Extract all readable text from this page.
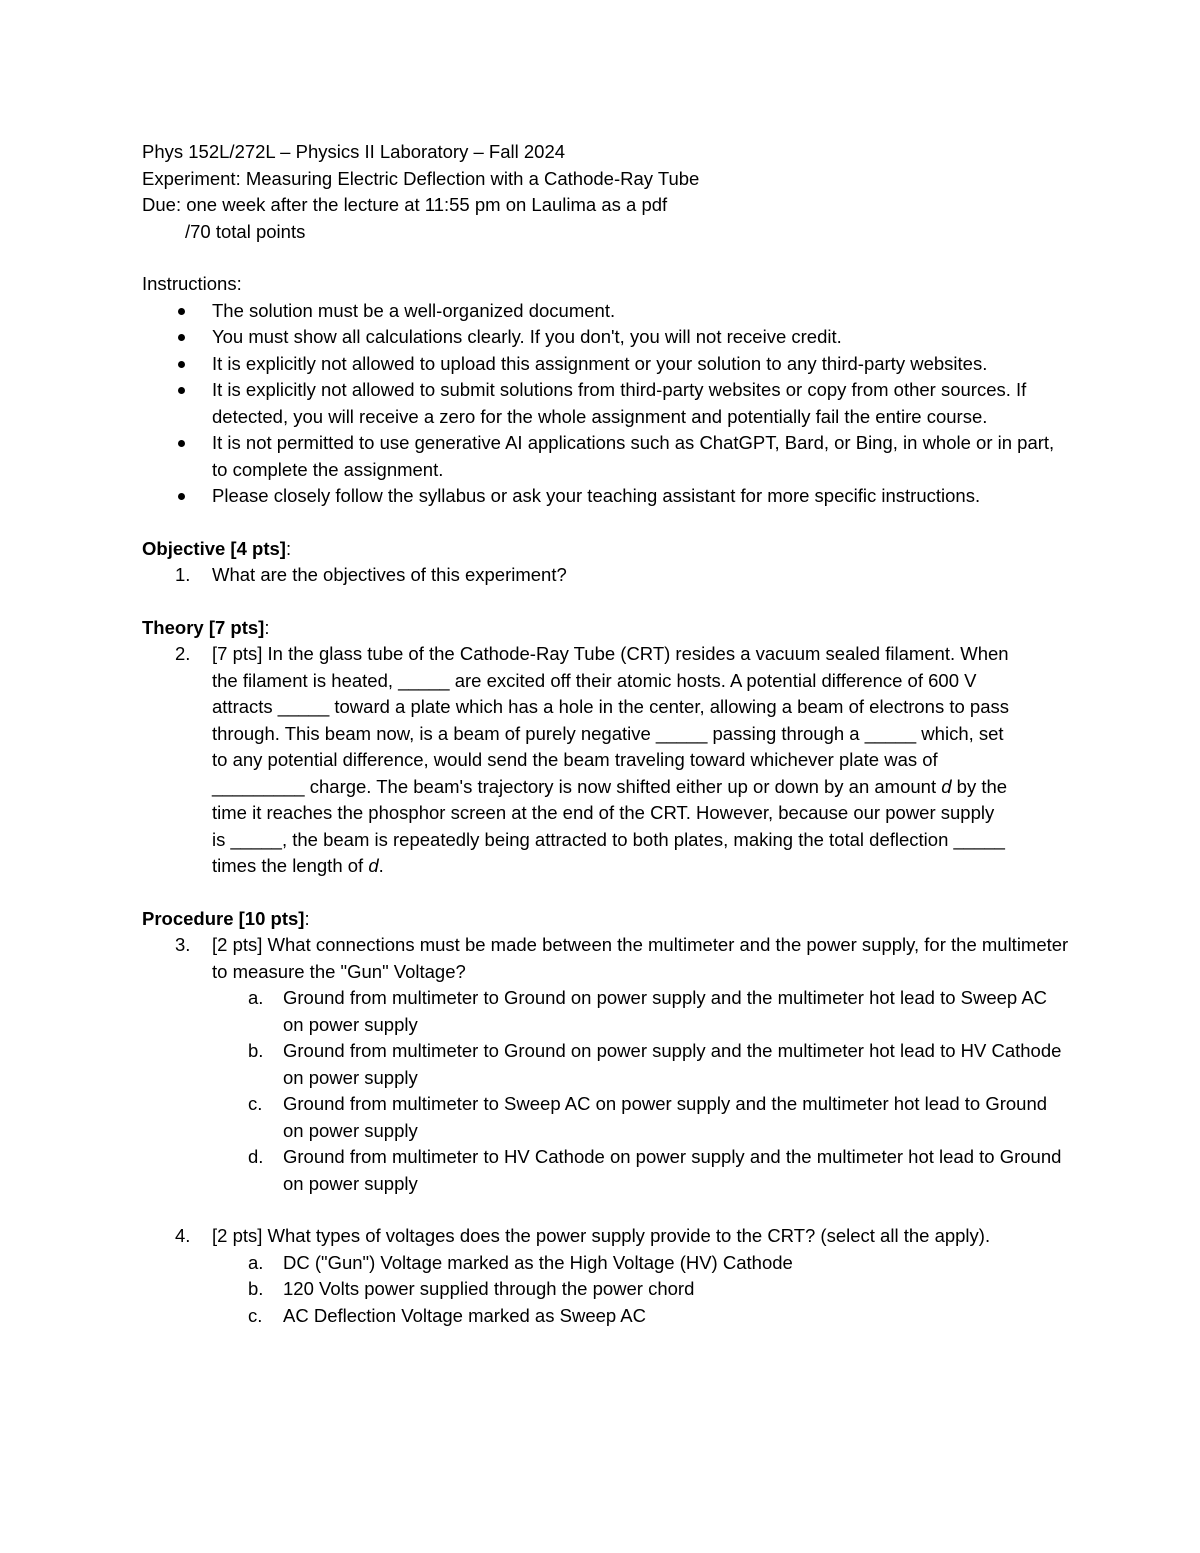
Phys 152L/272L – Physics II Laboratory – Fall 2024
Experiment: Measuring Electric Deflection with a Cathode-Ray Tube
Due: one week after the lecture at 11:55 pm on Laulima as a pdf
/70 total points
Instructions:
The solution must be a well-organized document.
You must show all calculations clearly. If you don't, you will not receive credit.
It is explicitly not allowed to upload this assignment or your solution to any third-party websites.
It is explicitly not allowed to submit solutions from third-party websites or copy from other sources. If detected, you will receive a zero for the whole assignment and potentially fail the entire course.
It is not permitted to use generative AI applications such as ChatGPT, Bard, or Bing, in whole or in part, to complete the assignment.
Please closely follow the syllabus or ask your teaching assistant for more specific instructions.
Objective [4 pts]:
1. What are the objectives of this experiment?
Theory [7 pts]:
2. [7 pts] In the glass tube of the Cathode-Ray Tube (CRT) resides a vacuum sealed filament. When
the filament is heated, _____ are excited off their atomic hosts. A potential difference of 600 V
attracts _____ toward a plate which has a hole in the center, allowing a beam of electrons to pass
through. This beam now, is a beam of purely negative _____ passing through a _____ which, set
to any potential difference, would send the beam traveling toward whichever plate was of
_________ charge. The beam's trajectory is now shifted either up or down by an amount d by the
time it reaches the phosphor screen at the end of the CRT. However, because our power supply
is _____, the beam is repeatedly being attracted to both plates, making the total deflection _____
times the length of d.
Procedure [10 pts]:
3. [2 pts] What connections must be made between the multimeter and the power supply, for the multimeter to measure the "Gun" Voltage?
a. Ground from multimeter to Ground on power supply and the multimeter hot lead to Sweep AC on power supply
b. Ground from multimeter to Ground on power supply and the multimeter hot lead to HV Cathode on power supply
c. Ground from multimeter to Sweep AC on power supply and the multimeter hot lead to Ground on power supply
d. Ground from multimeter to HV Cathode on power supply and the multimeter hot lead to Ground on power supply
4. [2 pts] What types of voltages does the power supply provide to the CRT? (select all the apply).
a. DC ("Gun") Voltage marked as the High Voltage (HV) Cathode
b. 120 Volts power supplied through the power chord
c. AC Deflection Voltage marked as Sweep AC
